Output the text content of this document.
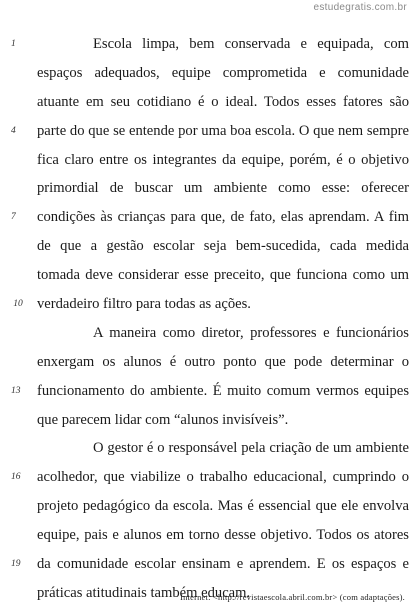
estudegratis.com.br
1	Escola limpa, bem conservada e equipada, com
espaços adequados, equipe comprometida e comunidade
atuante em seu cotidiano é o ideal. Todos esses fatores são
4	parte do que se entende por uma boa escola. O que nem sempre
fica claro entre os integrantes da equipe, porém, é o objetivo
primordial de buscar um ambiente como esse: oferecer
7	condições às crianças para que, de fato, elas aprendam. A fim
de que a gestão escolar seja bem-sucedida, cada medida
tomada deve considerar esse preceito, que funciona como um
10 verdadeiro filtro para todas as ações.
A maneira como diretor, professores e funcionários
enxergam os alunos é outro ponto que pode determinar o
13	funcionamento do ambiente. É muito comum vermos equipes
que parecem lidar com “alunos invisíveis”.
O gestor é o responsável pela criação de um ambiente
16	acolhedor, que viabilize o trabalho educacional, cumprindo o
projeto pedagógico da escola. Mas é essencial que ele envolva
equipe, pais e alunos em torno desse objetivo. Todos os atores
19	da comunidade escolar ensinam e aprendem. E os espaços e
práticas atitudinais também educam.
Internet: <http://revistaescola.abril.com.br> (com adaptações).
